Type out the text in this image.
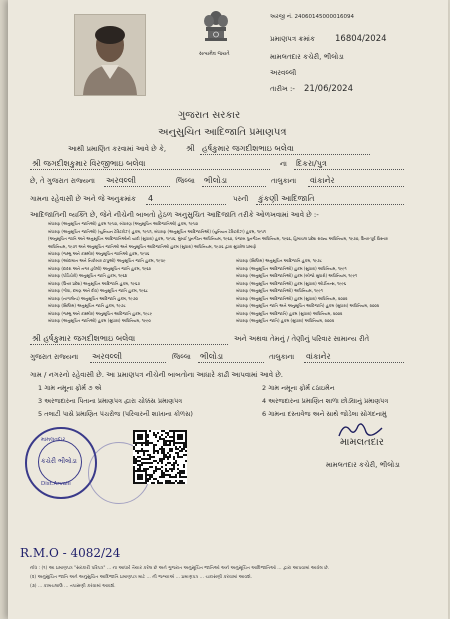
અરજી નં. 24060145000016094
સત્યમેવ જયતે
પ્રમાણપત્ર ક્રમાંક 16804/2024
મામલતદાર કચેરી, ભીલોડા
અરવલ્લી
તારીખ :- 21/06/2024
ગુજરાત સરકાર
અનુસુચિત આદિજાતિ પ્રમાણપત્ર
આથી પ્રમાણિત કરવામાં આવે છે કે, શ્રી હર્ષકુમાર જગદીશભાઇ બલેવા
શ્રી જગદીશકુમાર વિરજીભાઇ બલેવા	ના દિકરા/પુત્ર
છે, તે ગુજરાત રાજ્યના અરવલ્લી	જિલ્લા ભીલોડા	તાલુકાના વાંકાનેર
ગામના રહેવાસી છે અને જે અનુક્રમાંક 4	પરની કુંકણી આદિજાતિ
આદિજાતિની વ્યક્તિ છે, જેને નીચેની બાબતો હેઠળ અનુસુચિત આદિજાતિ તરીકે ઓળખવામાં આવે છે :-
બંધારણ (અનુસૂચિત જાતિઓ) હુકમ ૧૯૫૦, બંધારણ (અનુસૂચિત આદિજાતિઓ) હુકમ, ૧૯૫૦
બંધારણ (અનુસૂચિત જાતિઓ) (યુનિયન ટેરિટરીઝ) હુકમ, ૧૯૫૧, બંધારણ (અનુસૂચિત આદિજાતિઓ) (યુનિયન ટેરિટરીઝ) હુકમ, ૧૯૫૧
(અનુસૂચિત જાતિ અને અનુસૂચિત આદિજાતિઓની યાદી (સુધારા) હુકમ, ૧૯૫૬, મુંબઈ પુનર્ગઠન અધિનિયમ, ૧૯૬૦, પંજાબ પુનર્ગઠન અધિનિયમ, ૧૯૬૬, હિમાચલ પ્રદેશ રાજ્ય અધિનિયમ, ૧૯૭૦, ઉત્તર-પૂર્વ વિસ્તાર
અધિનિયમ, ૧૯૭૧ અને અનુસૂચિત જાતિઓ અને અનુસૂચિત આદિજાતિઓ હુકમ (સુધારા) અધિનિયમ, ૧૯૭૬ દ્વારા સુધારેલ પ્રમાણે
બંધારણ (જમ્મુ અને કાશ્મીર) અનુસૂચિત જાતિઓ હુકમ, ૧૯૫૬
બંધારણ (આંદામાન અને નિકોબાર ટાપુઓ) અનુસૂચિત જાતિ હુકમ, ૧૯૫૯
બંધારણ (દાદરા અને નગર હવેલી) અનુસૂચિત જાતિ હુકમ, ૧૯૬૨
બંધારણ (પોંડિચેરી) અનુસૂચિત જાતિ હુકમ, ૧૯૬૪
બંધારણ (ઉત્તર પ્રદેશ) અનુસૂચિત આદિજાતિ હુકમ, ૧૯૬૭
બંધારણ (ગોવા, દમણ અને દીવ) અનુસૂચિત જાતિ હુકમ, ૧૯૬૮
બંધારણ (નાગાલેન્ડ) અનુસૂચિત આદિજાતિ હુકમ, ૧૯૭૦
બંધારણ (સિક્કિમ) અનુસૂચિત જાતિ હુકમ, ૧૯૭૮
બંધારણ (જમ્મુ અને કાશ્મીર) અનુસૂચિત આદિજાતિ હુકમ, ૧૯૮૯
બંધારણ (અનુસૂચિત જાતિઓ) હુકમ (સુધારા) અધિનિયમ, ૧૯૯૦
બંધારણ (સિક્કિમ) અનુસૂચિત આદિજાતિ હુકમ, ૧૯૭૮
બંધારણ (અનુસૂચિત આદિજાતિઓ) હુકમ (સુધારા) અધિનિયમ, ૧૯૯૧
બંધારણ (અનુસૂચિત આદિજાતિઓ) હુકમ (બીજો સુધારો) અધિનિયમ, ૧૯૯૧
બંધારણ (અનુસૂચિત આદિજાતિઓ) હુકમ (સુધારા) ઓર્ડીનન્સ, ૧૯૯૬
બંધારણ (અનુસૂચિત આદિજાતિઓ) અધિનિયમ, ૧૯૯૧
બંધારણ (અનુસૂચિત આદિજાતિઓ) હુકમ (સુધારા) અધિનિયમ, ૨૦૦૨
બંધારણ (અનુસૂચિત જાતિ અને અનુસૂચિત આદિજાતિ) હુકમ (સુધારા) અધિનિયમ, ૨૦૦૨
બંધારણ (અનુસૂચિત આદિજાતિ) હુકમ (સુધારા) અધિનિયમ, ૨૦૦૨
બંધારણ (અનુસૂચિત જાતિ) હુકમ (સુધારા) અધિનિયમ, ૨૦૦૨
શ્રી હર્ષકુમાર જગદીશભાઇ બલેવા	અને અથવા તેમનું / તેણીનું પરિવાર સામાન્ય રીતે
ગુજરાત રાજ્યના અરવલ્લી	જિલ્લા ભીલોડા	તાલુકાના વાંકાનેર
ગામ / નગરનો રહેવાસી છે. આ પ્રમાણપત્ર નીચેની બાબતોના આધારે કાઢી આપવામાં આવે છે.
1 ગામ નમૂના ફોર્મ ૭ એ	2 ગામ નમૂના ફોર્મ ૮ઠાઇમેન
3 અરજદારના પિતાના પ્રમાણપત્ર દ્વારા ચોક્કસ પ્રમાણપત્ર	4 અરજદારના પ્રમાણિત શાળા છોડ્યાનું પ્રમાણપત્ર
5 તલાટી પાસે પ્રમાણિત પંચરોજ (પરિવારની શાખાના કોળસ)	6 ગામના દસ્તાવેજ અને સાથે જોડેલા સોગંદનામું
મામલતદાર
કચેરી ભીલોડા
Dist.Arvalli
મામલતદાર
મામલતદાર કચેરી, ભીલોડા
R.M.O - 4082/24
નોંધ : (૧) આ પ્રમાણપત્ર "સરકારી પરિપત્ર" ... ના આધારે તૈયાર કરેલ છે અને ગુજરાત અનુસૂચિત જાતિઓ અને અનુસૂચિત આદિજાતિઓ ... દ્વારા આપવામાં આવેલ છે.
(૨) અનુસુચિત જાતિ અને અનુસુચિત આદિજાતિ પ્રમાણપત્ર માટે ... ની જગ્યાએ ... પ્રમાણપત્ર ... ચકાસણી કરવામાં આવશે.
(૩) ... કામચલાઉ ... તપાસણી કરવામાં આવશે.
